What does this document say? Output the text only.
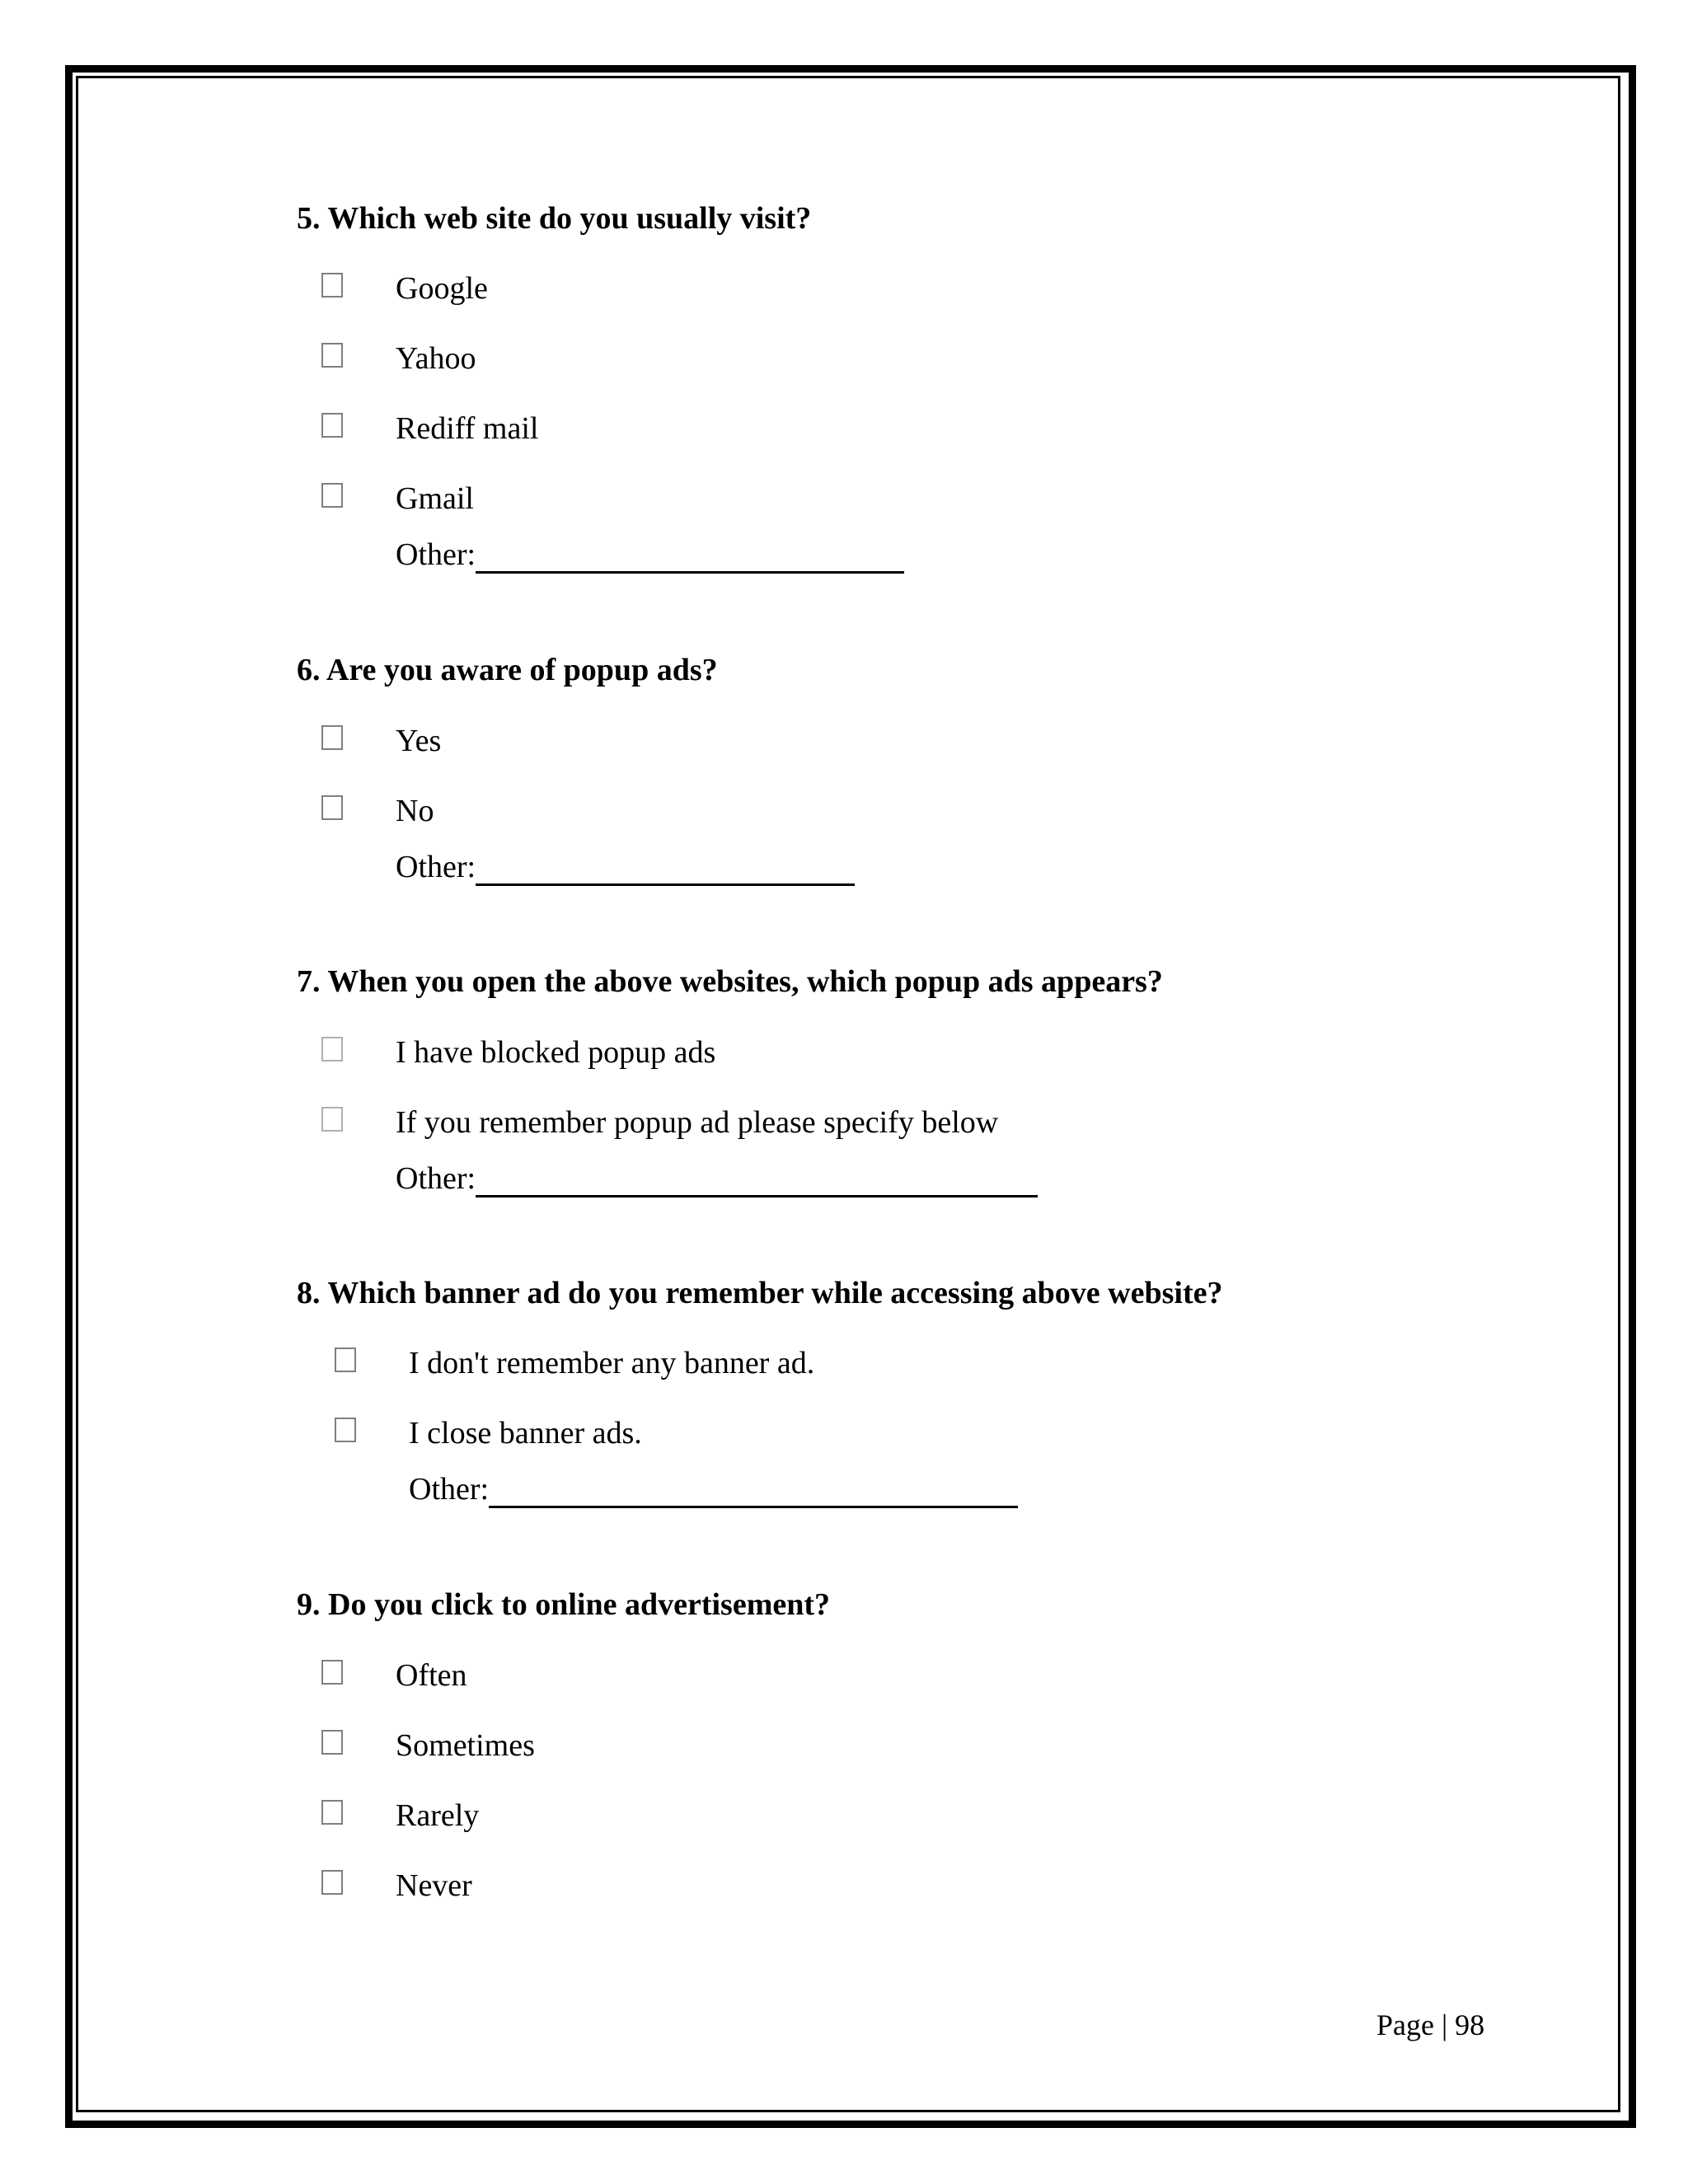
5. Which web site do you usually visit?
Google
Yahoo
Rediff mail
Gmail
Other:
6. Are you aware of popup ads?
Yes
No
Other:
7. When you open the above websites, which popup ads appears?
I have blocked popup ads
If you remember popup ad please specify below
Other:
8. Which banner ad do you remember while accessing above website?
I don't remember any banner ad.
I close banner ads.
Other:
9. Do you click to online advertisement?
Often
Sometimes
Rarely
Never
Page | 98
